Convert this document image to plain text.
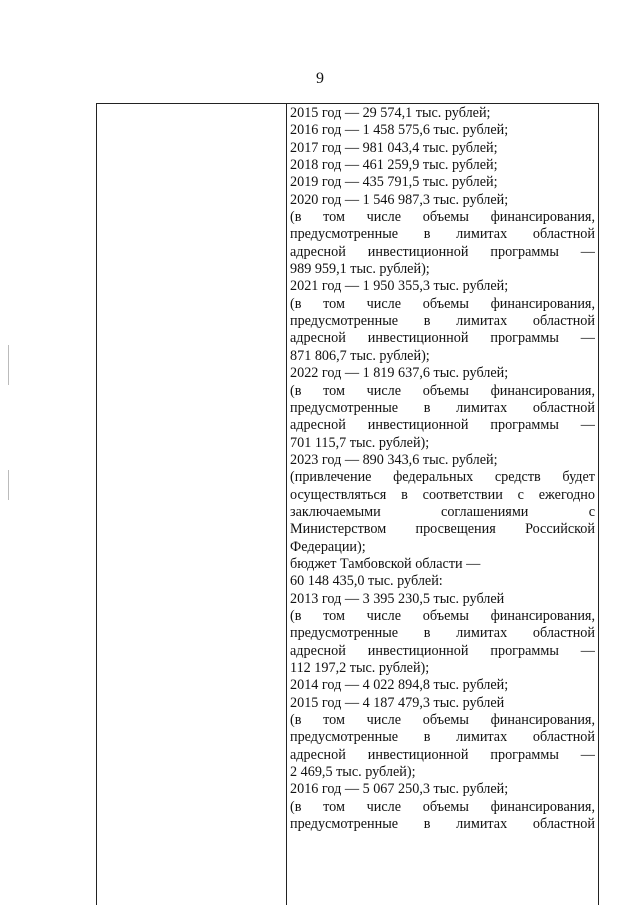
9
2015 год — 29 574,1 тыс. рублей;
2016 год — 1 458 575,6 тыс. рублей;
2017 год — 981 043,4 тыс. рублей;
2018 год — 461 259,9 тыс. рублей;
2019 год — 435 791,5 тыс. рублей;
2020 год — 1 546 987,3 тыс. рублей;
(в том числе объемы финансирования,
предусмотренные в лимитах областной
адресной инвестиционной программы —
989 959,1 тыс. рублей);
2021 год — 1 950 355,3 тыс. рублей;
(в том числе объемы финансирования,
предусмотренные в лимитах областной
адресной инвестиционной программы —
871 806,7 тыс. рублей);
2022 год — 1 819 637,6 тыс. рублей;
(в том числе объемы финансирования,
предусмотренные в лимитах областной
адресной инвестиционной программы —
701 115,7 тыс. рублей);
2023 год — 890 343,6 тыс. рублей;
(привлечение федеральных средств будет
осуществляться в соответствии с ежегодно
заключаемыми соглашениями с
Министерством просвещения Российской
Федерации);
бюджет Тамбовской области —
60 148 435,0 тыс. рублей:
2013 год — 3 395 230,5 тыс. рублей
(в том числе объемы финансирования,
предусмотренные в лимитах областной
адресной инвестиционной программы —
112 197,2 тыс. рублей);
2014 год — 4 022 894,8 тыс. рублей;
2015 год — 4 187 479,3 тыс. рублей
(в том числе объемы финансирования,
предусмотренные в лимитах областной
адресной инвестиционной программы —
2 469,5 тыс. рублей);
2016 год — 5 067 250,3 тыс. рублей;
(в том числе объемы финансирования,
предусмотренные в лимитах областной
